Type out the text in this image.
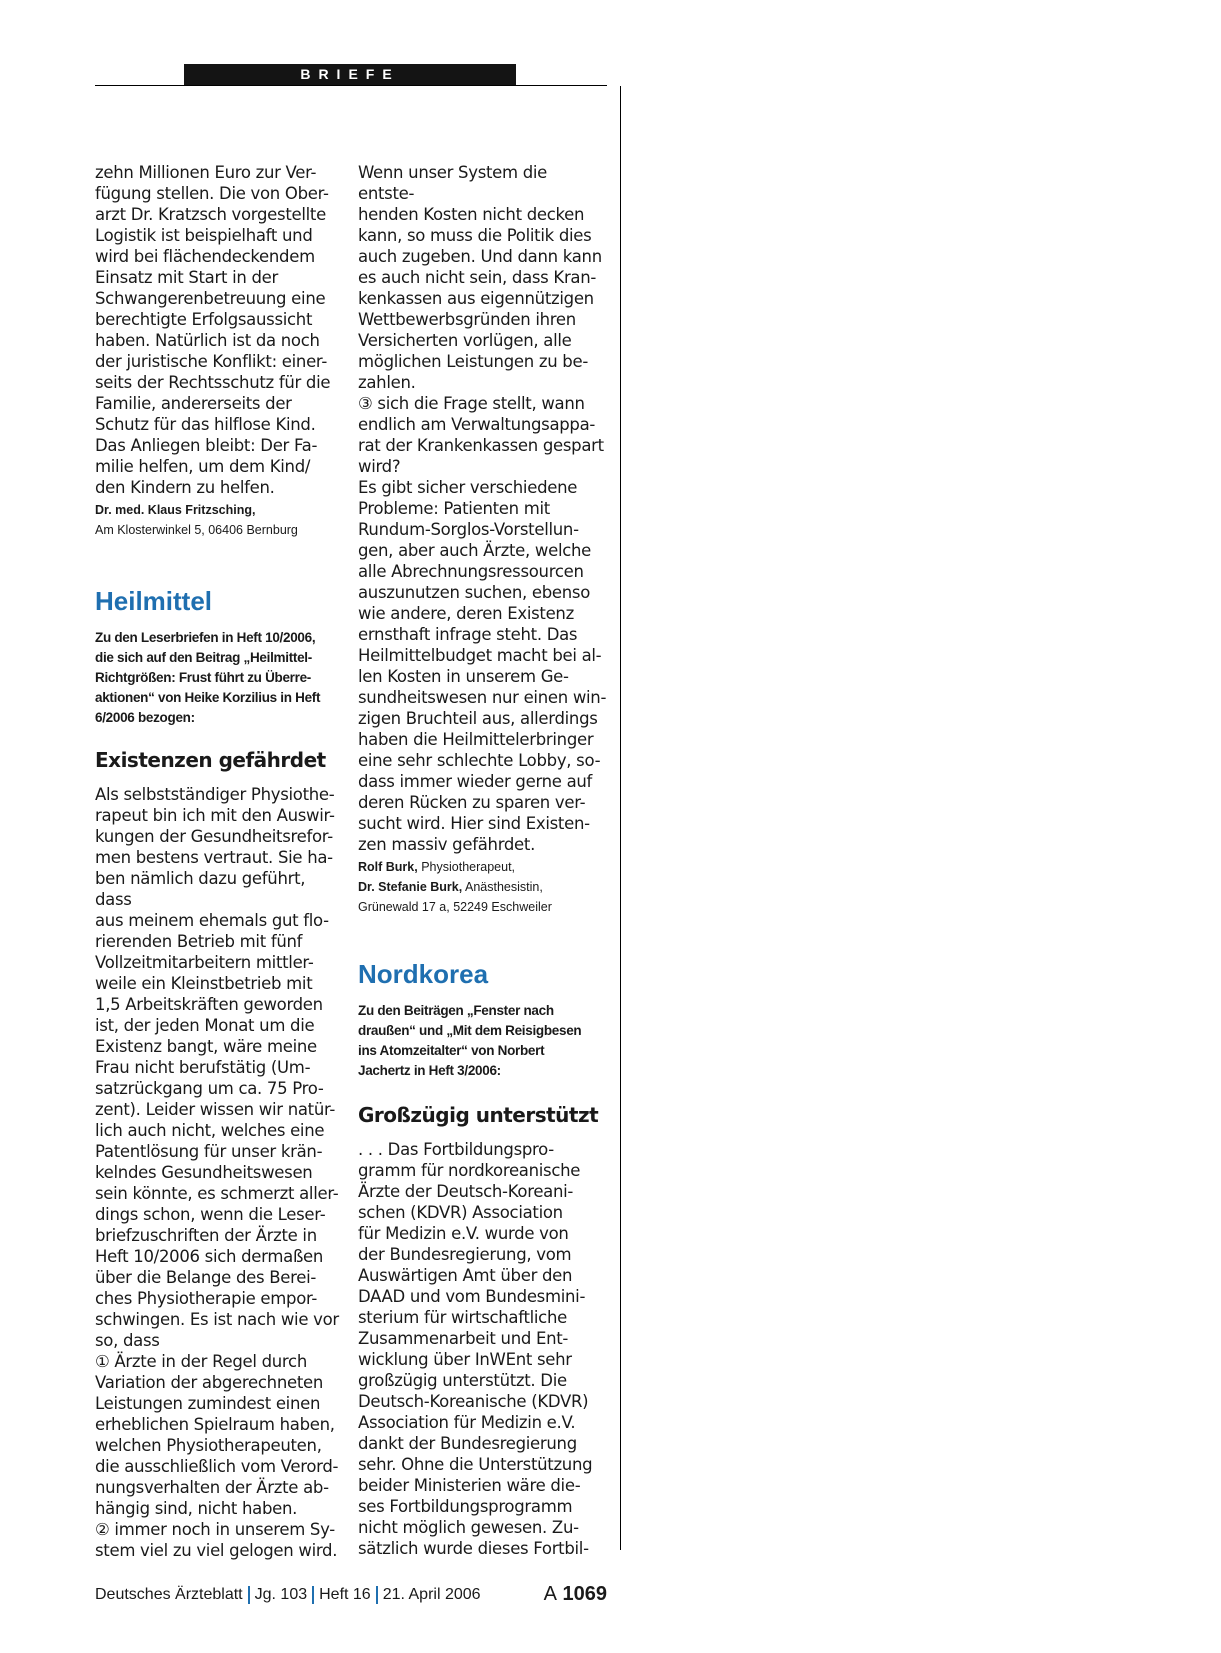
BRIEFE

zehn Millionen Euro zur Ver-
fügung stellen. Die von Ober-
arzt Dr. Kratzsch vorgestellte
Logistik ist beispielhaft und
wird bei flächendeckendem
Einsatz mit Start in der
Schwangerenbetreuung eine
berechtigte Erfolgsaussicht
haben. Natürlich ist da noch
der juristische Konflikt: einer-
seits der Rechtsschutz für die
Familie, andererseits der
Schutz für das hilflose Kind.
Das Anliegen bleibt: Der Fa-
milie helfen, um dem Kind/
den Kindern zu helfen.

Dr. med. Klaus Fritzsching,

Am Klosterwinkel 5, 06406 Bernburg

Heilmittel

Zu den Leserbriefen in Heft 10/2006,
die sich auf den Beitrag „Heilmittel-
Richtgrößen: Frust führt zu Überre-
aktionen“ von Heike Korzilius in Heft
6/2006 bezogen:

Existenzen gefährdet

Als selbstständiger Physiothe-
rapeut bin ich mit den Auswir-
kungen der Gesundheitsrefor-
men bestens vertraut. Sie ha-
ben nämlich dazu geführt, dass
aus meinem ehemals gut flo-
rierenden Betrieb mit fünf
Vollzeitmitarbeitern mittler-
weile ein Kleinstbetrieb mit
1,5 Arbeitskräften geworden
ist, der jeden Monat um die
Existenz bangt, wäre meine
Frau nicht berufstätig (Um-
satzrückgang um ca. 75 Pro-
zent). Leider wissen wir natür-
lich auch nicht, welches eine
Patentlösung für unser krän-
kelndes Gesundheitswesen
sein könnte, es schmerzt aller-
dings schon, wenn die Leser-
briefzuschriften der Ärzte in
Heft 10/2006 sich dermaßen
über die Belange des Berei-
ches Physiotherapie empor-
schwingen. Es ist nach wie vor
so, dass
① Ärzte in der Regel durch
Variation der abgerechneten
Leistungen zumindest einen
erheblichen Spielraum haben,
welchen Physiotherapeuten,
die ausschließlich vom Verord-
nungsverhalten der Ärzte ab-
hängig sind, nicht haben.
② immer noch in unserem Sy-
stem viel zu viel gelogen wird.

Wenn unser System die entste-
henden Kosten nicht decken
kann, so muss die Politik dies
auch zugeben. Und dann kann
es auch nicht sein, dass Kran-
kenkassen aus eigennützigen
Wettbewerbsgründen ihren
Versicherten vorlügen, alle
möglichen Leistungen zu be-
zahlen.
③ sich die Frage stellt, wann
endlich am Verwaltungsappa-
rat der Krankenkassen gespart
wird?
Es gibt sicher verschiedene
Probleme: Patienten mit
Rundum-Sorglos-Vorstellun-
gen, aber auch Ärzte, welche
alle Abrechnungsressourcen
auszunutzen suchen, ebenso
wie andere, deren Existenz
ernsthaft infrage steht. Das
Heilmittelbudget macht bei al-
len Kosten in unserem Ge-
sundheitswesen nur einen win-
zigen Bruchteil aus, allerdings
haben die Heilmittelerbringer
eine sehr schlechte Lobby, so-
dass immer wieder gerne auf
deren Rücken zu sparen ver-
sucht wird. Hier sind Existen-
zen massiv gefährdet.

Rolf Burk, Physiotherapeut,

Dr. Stefanie Burk, Anästhesistin,

Grünewald 17 a, 52249 Eschweiler

Nordkorea

Zu den Beiträgen „Fenster nach
draußen“ und „Mit dem Reisigbesen
ins Atomzeitalter“ von Norbert
Jachertz in Heft 3/2006:

Großzügig unterstützt

. . . Das Fortbildungspro-
gramm für nordkoreanische
Ärzte der Deutsch-Koreani-
schen (KDVR) Association
für Medizin e.V. wurde von
der Bundesregierung, vom
Auswärtigen Amt über den
DAAD und vom Bundesmini-
sterium für wirtschaftliche
Zusammenarbeit und Ent-
wicklung über InWEnt sehr
großzügig unterstützt. Die
Deutsch-Koreanische (KDVR)
Association für Medizin e.V.
dankt der Bundesregierung
sehr. Ohne die Unterstützung
beider Ministerien wäre die-
ses Fortbildungsprogramm
nicht möglich gewesen. Zu-
sätzlich wurde dieses Fortbil-

Deutsches Ärzteblatt Jg. 103 Heft 16 21. April 2006	A 1069
